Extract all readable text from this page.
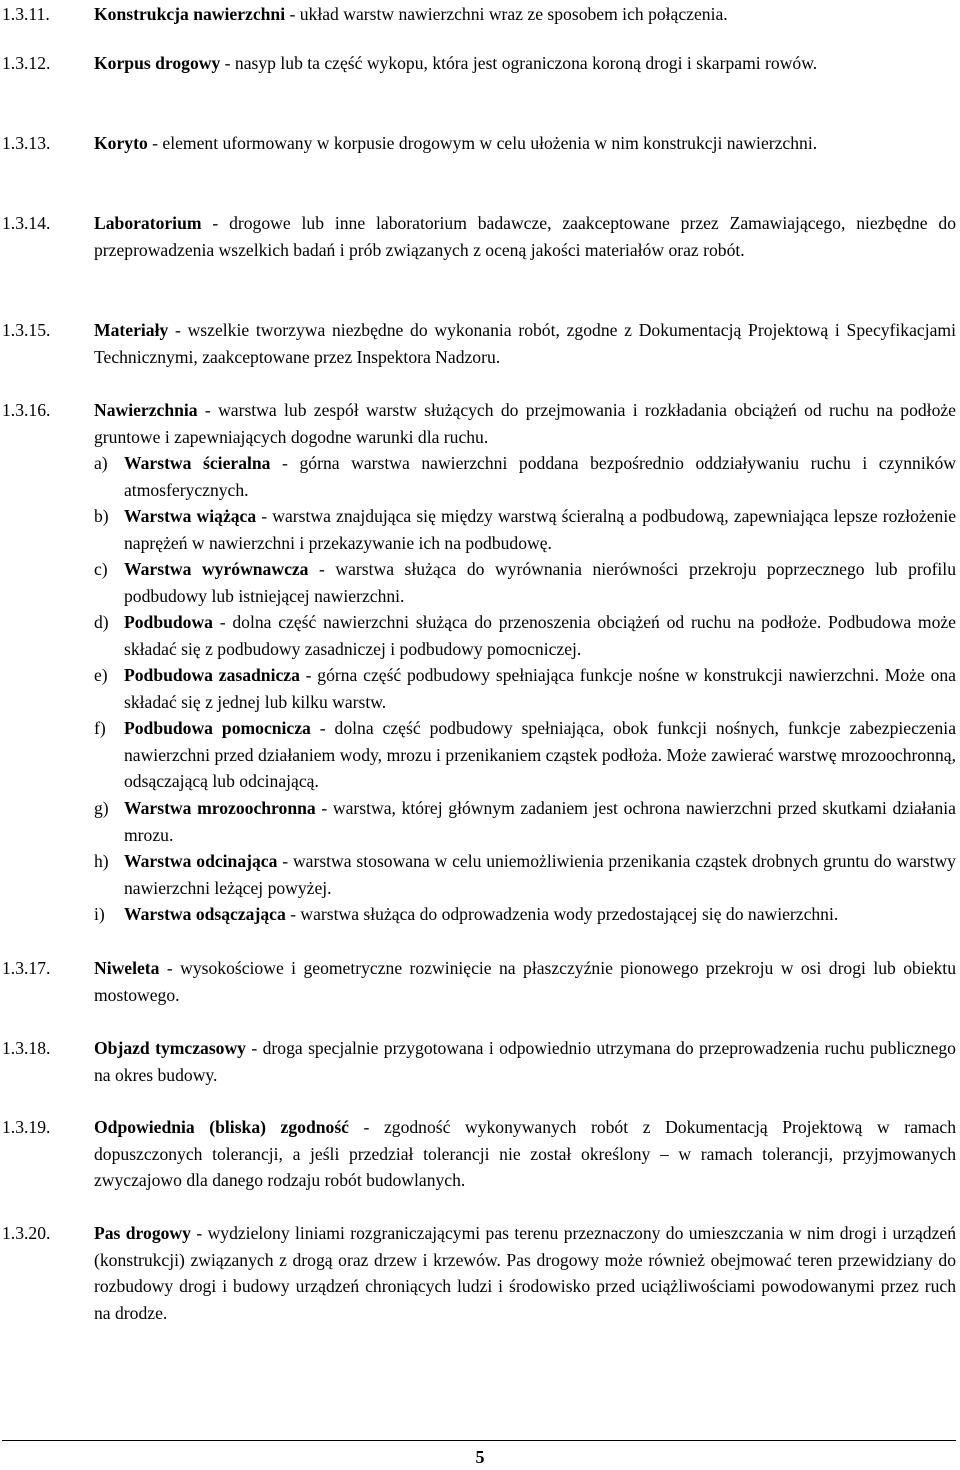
1.3.11.	Konstrukcja nawierzchni - układ warstw nawierzchni wraz ze sposobem ich połączenia.
1.3.12.	Korpus drogowy - nasyp lub ta część wykopu, która jest ograniczona koroną drogi i skarpami rowów.
1.3.13.	Koryto - element uformowany w korpusie drogowym w celu ułożenia w nim konstrukcji nawierzchni.
1.3.14.	Laboratorium - drogowe lub inne laboratorium badawcze, zaakceptowane przez Zamawiającego, niezbędne do przeprowadzenia wszelkich badań i prób związanych z oceną jakości materiałów oraz robót.
1.3.15.	Materiały - wszelkie tworzywa niezbędne do wykonania robót, zgodne z Dokumentacją Projektową i Specyfikacjami Technicznymi, zaakceptowane przez Inspektora Nadzoru.
1.3.16.	Nawierzchnia - warstwa lub zespół warstw służących do przejmowania i rozkładania obciążeń od ruchu na podłoże gruntowe i zapewniających dogodne warunki dla ruchu.
a) Warstwa ścieralna - górna warstwa nawierzchni poddana bezpośrednio oddziaływaniu ruchu i czynników atmosferycznych.
b) Warstwa wiążąca - warstwa znajdująca się między warstwą ścieralną a podbudową, zapewniająca lepsze rozłożenie naprężeń w nawierzchni i przekazywanie ich na podbudowę.
c) Warstwa wyrównawcza - warstwa służąca do wyrównania nierówności przekroju poprzecznego lub profilu podbudowy lub istniejącej nawierzchni.
d) Podbudowa - dolna część nawierzchni służąca do przenoszenia obciążeń od ruchu na podłoże. Podbudowa może składać się z podbudowy zasadniczej i podbudowy pomocniczej.
e) Podbudowa zasadnicza - górna część podbudowy spełniająca funkcje nośne w konstrukcji nawierzchni. Może ona składać się z jednej lub kilku warstw.
f)	Podbudowa pomocnicza - dolna część podbudowy spełniająca, obok funkcji nośnych, funkcje zabezpieczenia nawierzchni przed działaniem wody, mrozu i przenikaniem cząstek podłoża. Może zawierać warstwę mrozoochronną, odsączającą lub odcinającą.
g) Warstwa mrozoochronna - warstwa, której głównym zadaniem jest ochrona nawierzchni przed skutkami działania mrozu.
h) Warstwa odcinająca - warstwa stosowana w celu uniemożliwienia przenikania cząstek drobnych gruntu do warstwy nawierzchni leżącej powyżej.
i)	Warstwa odsączająca - warstwa służąca do odprowadzenia wody przedostającej się do nawierzchni.
1.3.17.	Niweleta - wysokościowe i geometryczne rozwinięcie na płaszczyźnie pionowego przekroju w osi drogi lub obiektu mostowego.
1.3.18.	Objazd tymczasowy - droga specjalnie przygotowana i odpowiednio utrzymana do przeprowadzenia ruchu publicznego na okres budowy.
1.3.19.	Odpowiednia (bliska) zgodność - zgodność wykonywanych robót z Dokumentacją Projektową w ramach dopuszczonych tolerancji, a jeśli przedział tolerancji nie został określony – w ramach tolerancji, przyjmowanych zwyczajowo dla danego rodzaju robót budowlanych.
1.3.20.	Pas drogowy - wydzielony liniami rozgraniczającymi pas terenu przeznaczony do umieszczania w nim drogi i urządzeń (konstrukcji) związanych z drogą oraz drzew i krzewów. Pas drogowy może również obejmować teren przewidziany do rozbudowy drogi i budowy urządzeń chroniących ludzi i środowisko przed uciążliwościami powodowanymi przez ruch na drodze.
5
